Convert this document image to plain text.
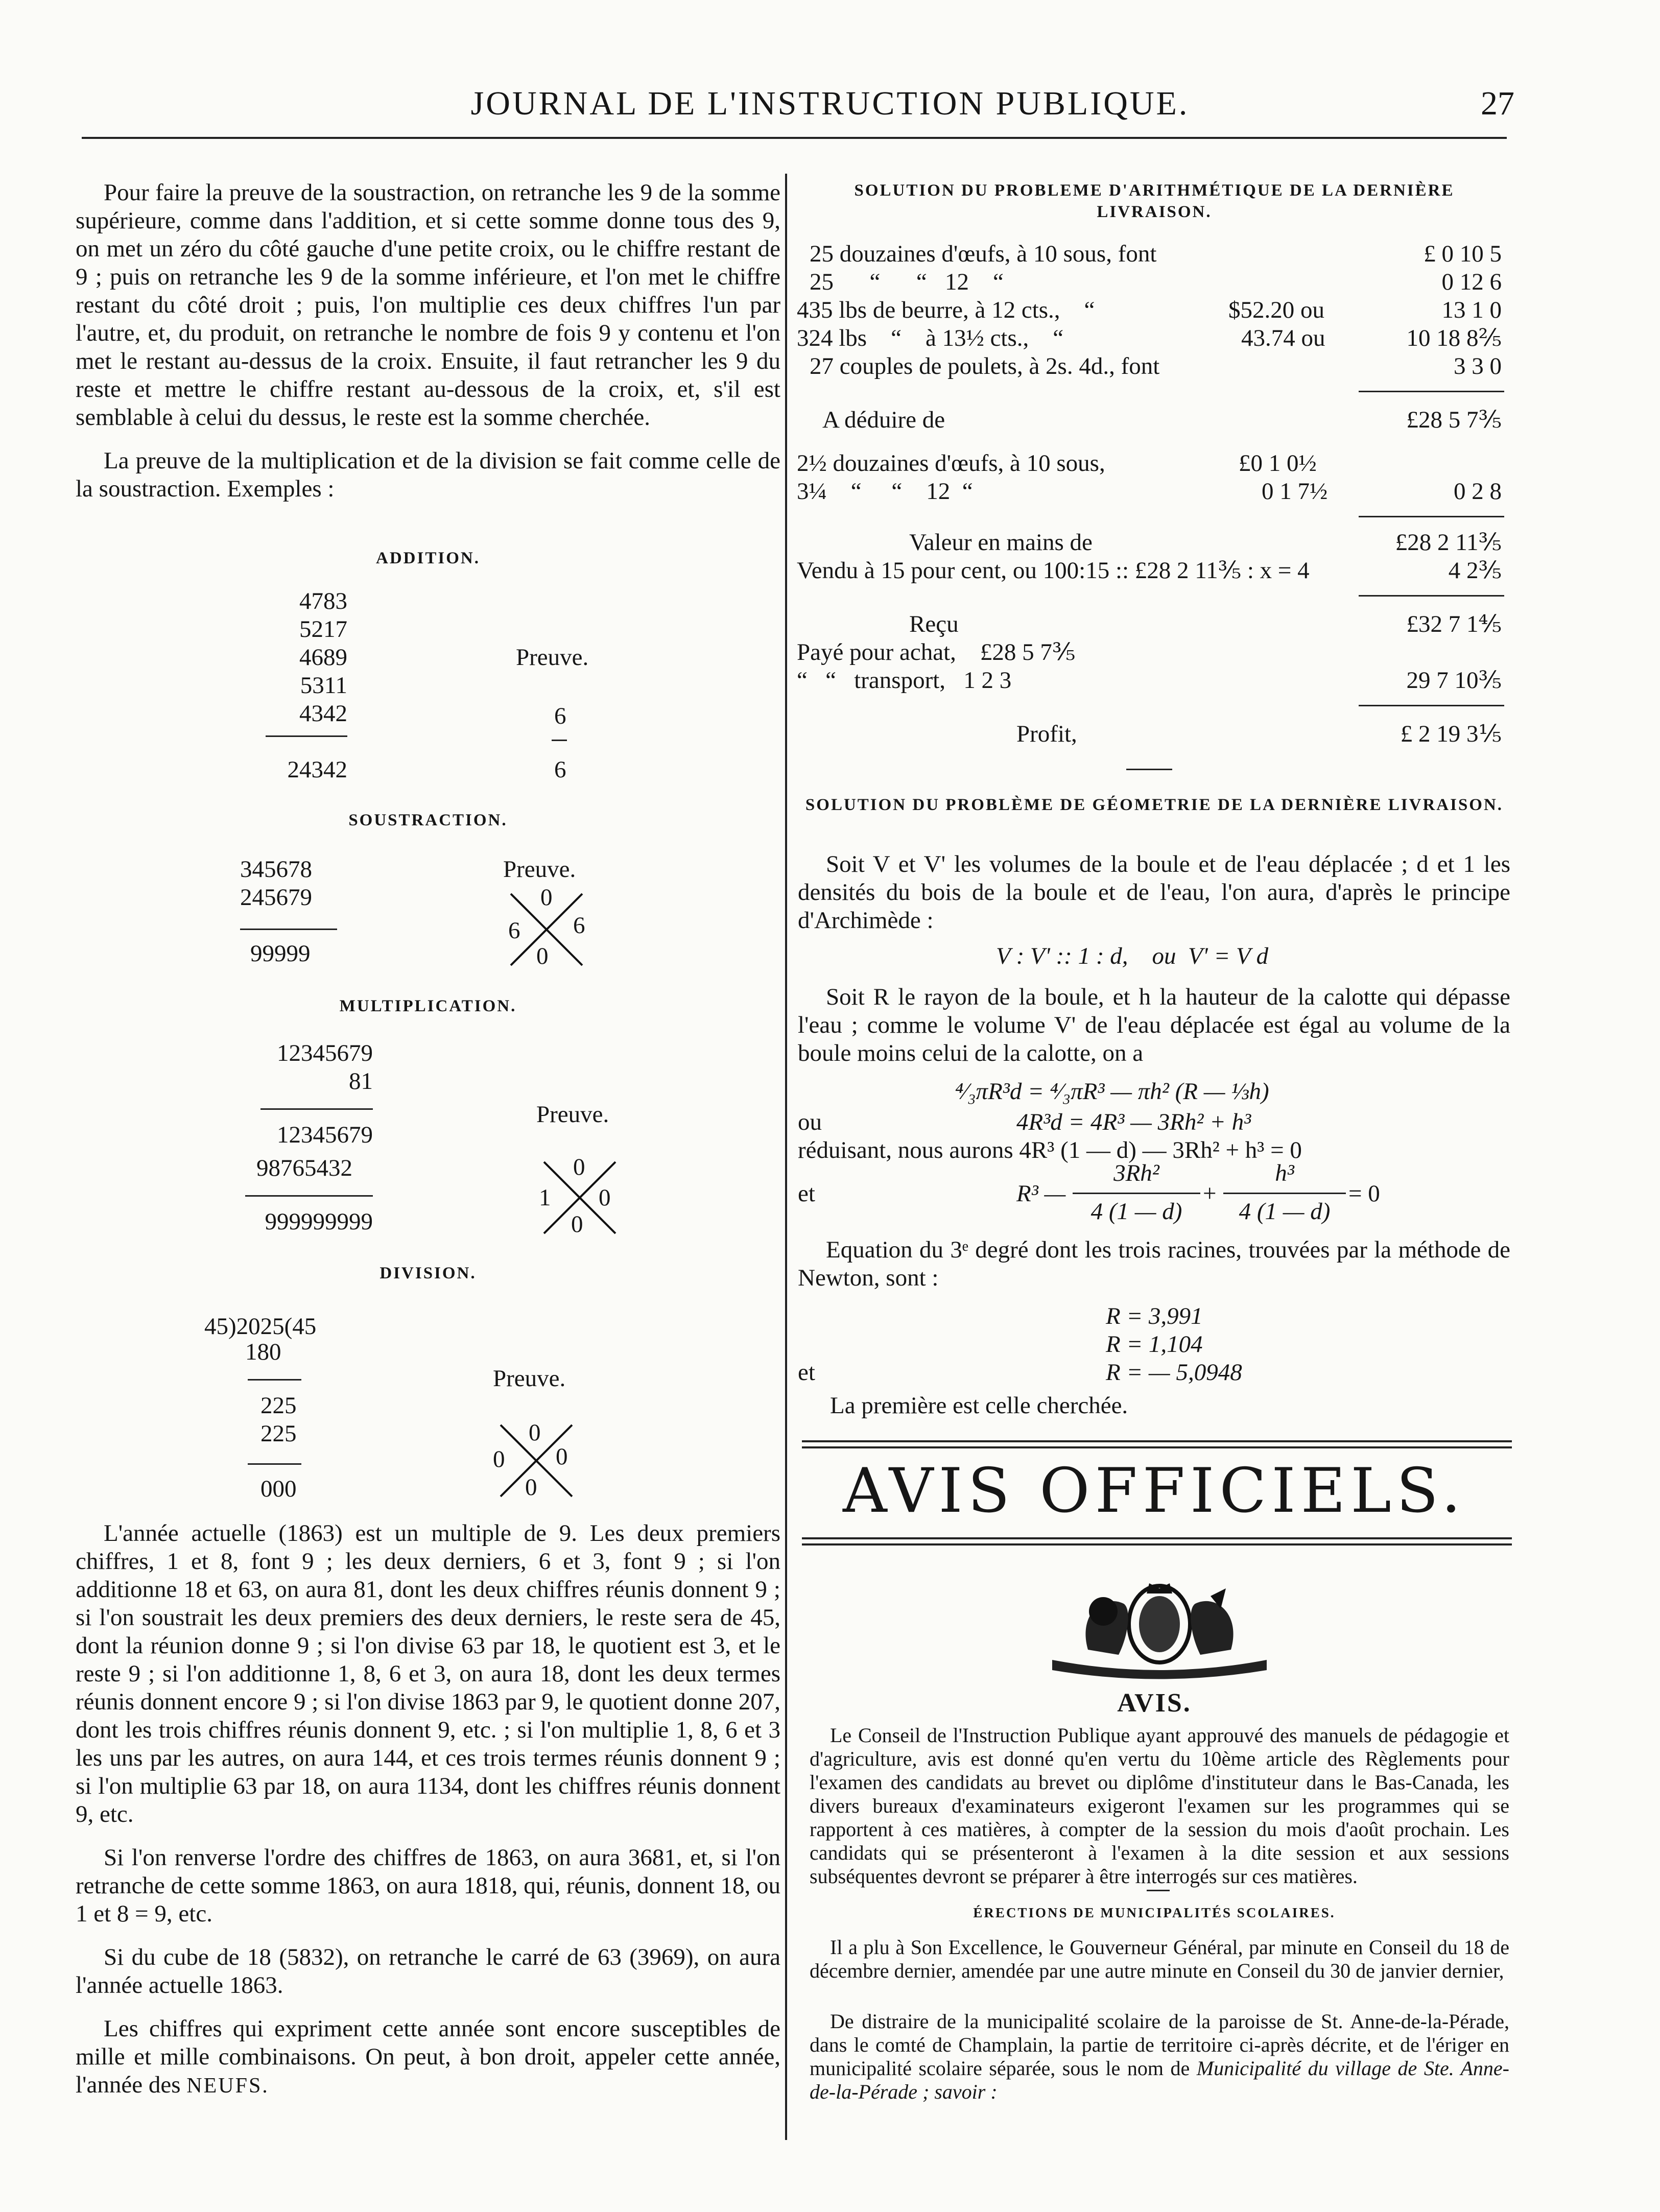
JOURNAL DE L'INSTRUCTION PUBLIQUE.	27

Pour faire la preuve de la soustraction, on retranche les 9 de la somme supérieure, comme dans l'addition, et si cette somme donne tous des 9, on met un zéro du côté gauche d'une petite croix, ou le chiffre restant de 9 ; puis on retranche les 9 de la somme inférieure, et l'on met le chiffre restant du côté droit ; puis, l'on multiplie ces deux chiffres l'un par l'autre, et, du produit, on retranche le nombre de fois 9 y contenu et l'on met le restant au-dessus de la croix. Ensuite, il faut retrancher les 9 du reste et mettre le chiffre restant au-dessous de la croix, et, s'il est semblable à celui du dessus, le reste est la somme cherchée.

La preuve de la multiplication et de la division se fait comme celle de la soustraction. Exemples :

ADDITION.
4783
5217
4689
5311
4342
24342
Preuve.
6
6
SOUSTRACTION.
345678
245679
99999
Preuve.
0
6 6
0
MULTIPLICATION.
12345679
81
12345679
98765432
999999999
Preuve.
0
1 0
0
DIVISION.
45)2025(45
180
225
225
000
Preuve.
0
0 0
0

L'année actuelle (1863) est un multiple de 9. Les deux premiers chiffres, 1 et 8, font 9 ; les deux derniers, 6 et 3, font 9 ; si l'on additionne 18 et 63, on aura 81, dont les deux chiffres réunis donnent 9 ; si l'on soustrait les deux premiers des deux derniers, le reste sera de 45, dont la réunion donne 9 ; si l'on divise 63 par 18, le quotient est 3, et le reste 9 ; si l'on additionne 1, 8, 6 et 3, on aura 18, dont les deux termes réunis donnent encore 9 ; si l'on divise 1863 par 9, le quotient donne 207, dont les trois chiffres réunis donnent 9, etc. ; si l'on multiplie 1, 8, 6 et 3 les uns par les autres, on aura 144, et ces trois termes réunis donnent 9 ; si l'on multiplie 63 par 18, on aura 1134, dont les chiffres réunis donnent 9, etc.

Si l'on renverse l'ordre des chiffres de 1863, on aura 3681, et, si l'on retranche de cette somme 1863, on aura 1818, qui, réunis, donnent 18, ou 1 et 8 = 9, etc.

Si du cube de 18 (5832), on retranche le carré de 63 (3969), on aura l'année actuelle 1863.

Les chiffres qui expriment cette année sont encore susceptibles de mille et mille combinaisons. On peut, à bon droit, appeler cette année, l'année des NEUFS.

SOLUTION DU PROBLEME D'ARITHMÉTIQUE DE LA DERNIÈRE LIVRAISON.
25 douzaines d'œufs, à 10 sous, font	£ 0 10 5
25      “      “   12    “	0 12 6
435 lbs de beurre, à 12 cts.,    “	$52.20 ou	13 1 0
324 lbs    “    à 13½ cts.,    “	43.74 ou	10 18 8⅖
27 couples de poulets, à 2s. 4d., font	3 3 0
A déduire de	£28 5 7⅗
2½ douzaines d'œufs, à 10 sous,	£0 1 0½
3¼    “     “    12  “	0 1 7½	0 2 8
Valeur en mains de	£28 2 11⅗
Vendu à 15 pour cent, ou 100:15 :: £28 2 11⅗ : x = 4	4 2⅗
Reçu	£32 7 1⅘
Payé pour achat,    £28 5 7⅗
“   “   transport,   1 2 3	29 7 10⅗
Profit,	£ 2 19 3⅕
SOLUTION DU PROBLÈME DE GÉOMETRIE DE LA DERNIÈRE LIVRAISON.

Soit V et V' les volumes de la boule et de l'eau déplacée ; d et 1 les densités du bois de la boule et de l'eau, l'on aura, d'après le principe d'Archimède :

V : V' :: 1 : d,    ou  V' = V d

Soit R le rayon de la boule, et h la hauteur de la calotte qui dépasse l'eau ; comme le volume V' de l'eau déplacée est égal au volume de la boule moins celui de la calotte, on a

⁴⁄₃πR³d = ⁴⁄₃πR³ — πh² (R — ⅓h)
ou	4R³d = 4R³ — 3Rh² + h³
réduisant, nous aurons 4R³ (1 — d) — 3Rh² + h³ = 0
et	R³ —
3Rh²
4 (1 — d)
+
h³
4 (1 — d)
= 0

Equation du 3ᵉ degré dont les trois racines, trouvées par la méthode de Newton, sont :

R = 3,991
R = 1,104
et	R = — 5,0948
La première est celle cherchée.
AVIS OFFICIELS.
AVIS.
Le Conseil de l'Instruction Publique ayant approuvé des manuels de pédagogie et d'agriculture, avis est donné qu'en vertu du 10ème article des Règlements pour l'examen des candidats au brevet ou diplôme d'instituteur dans le Bas-Canada, les divers bureaux d'examinateurs exigeront l'examen sur les programmes qui se rapportent à ces matières, à compter de la session du mois d'août prochain. Les candidats qui se présenteront à l'examen à la dite session et aux sessions subséquentes devront se préparer à être interrogés sur ces matières.
ÉRECTIONS DE MUNICIPALITÉS SCOLAIRES.
Il a plu à Son Excellence, le Gouverneur Général, par minute en Conseil du 18 de décembre dernier, amendée par une autre minute en Conseil du 30 de janvier dernier,
De distraire de la municipalité scolaire de la paroisse de St. Anne-de-la-Pérade, dans le comté de Champlain, la partie de territoire ci-après décrite, et de l'ériger en municipalité scolaire séparée, sous le nom de Municipalité du village de Ste. Anne-de-la-Pérade ; savoir :
